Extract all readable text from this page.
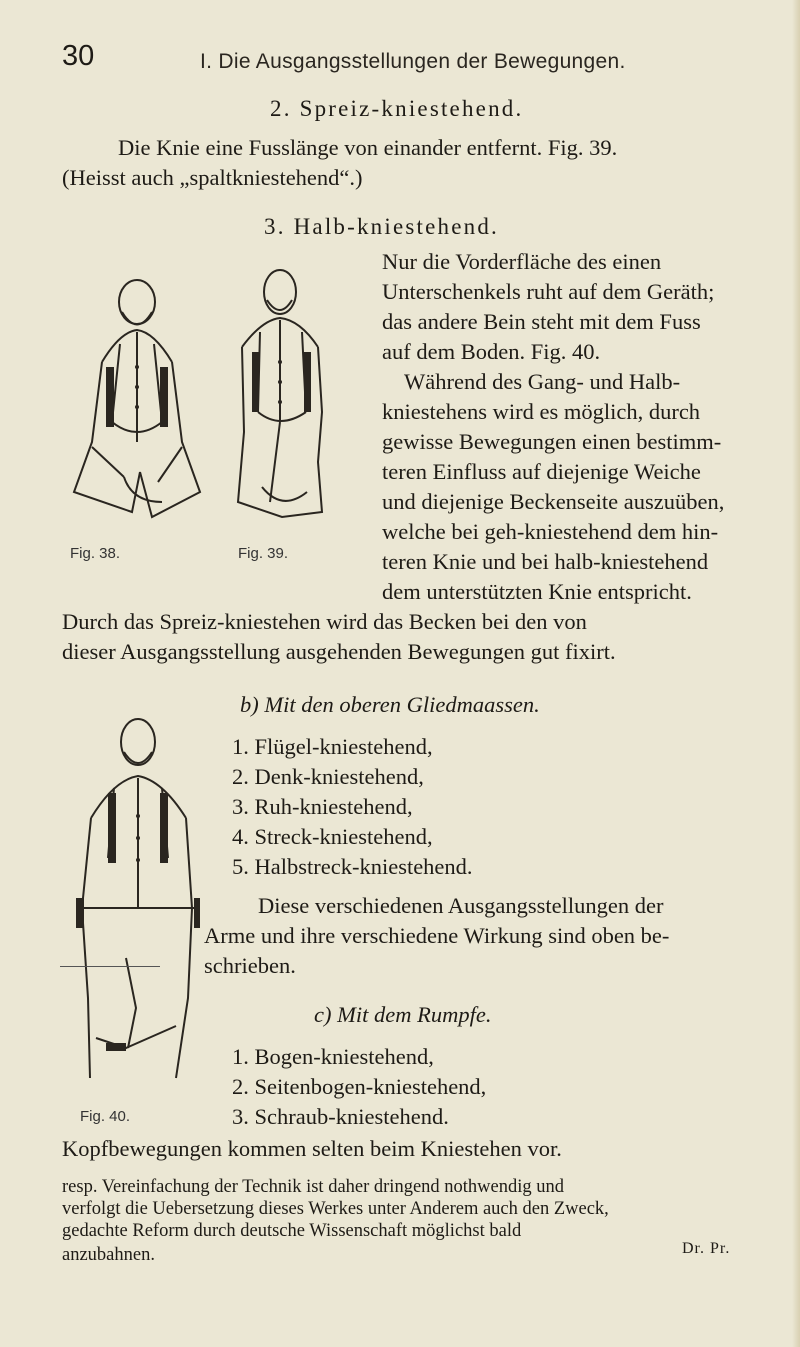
30	I. Die Ausgangsstellungen der Bewegungen.
2. Spreiz-kniestehend.
Die Knie eine Fusslänge von einander entfernt. Fig. 39.
(Heisst auch „spaltkniestehend“.)
3. Halb-kniestehend.
Nur die Vorderfläche des einen
Unterschenkels ruht auf dem Geräth;
das andere Bein steht mit dem Fuss
auf dem Boden. Fig. 40.
Während des Gang- und Halb-
kniestehens wird es möglich, durch
gewisse Bewegungen einen bestimm-
teren Einfluss auf diejenige Weiche
und diejenige Beckenseite auszuüben,
welche bei geh-kniestehend dem hin-
teren Knie und bei halb-kniestehend
dem unterstützten Knie entspricht.
Durch das Spreiz-kniestehen wird das Becken bei den von
dieser Ausgangsstellung ausgehenden Bewegungen gut fixirt.
Fig. 38.	Fig. 39.
b) Mit den oberen Gliedmaassen.
1. Flügel-kniestehend,
2. Denk-kniestehend,
3. Ruh-kniestehend,
4. Streck-kniestehend,
5. Halbstreck-kniestehend.
Diese verschiedenen Ausgangsstellungen der
Arme und ihre verschiedene Wirkung sind oben be-
schrieben.
c) Mit dem Rumpfe.
1. Bogen-kniestehend,
2. Seitenbogen-kniestehend,
3. Schraub-kniestehend.
Kopfbewegungen kommen selten beim Kniestehen vor.
Fig. 40.
resp. Vereinfachung der Technik ist daher dringend nothwendig und
verfolgt die Uebersetzung dieses Werkes unter Anderem auch den Zweck,
gedachte Reform durch deutsche Wissenschaft möglichst bald
Dr. Pr.
anzubahnen.
